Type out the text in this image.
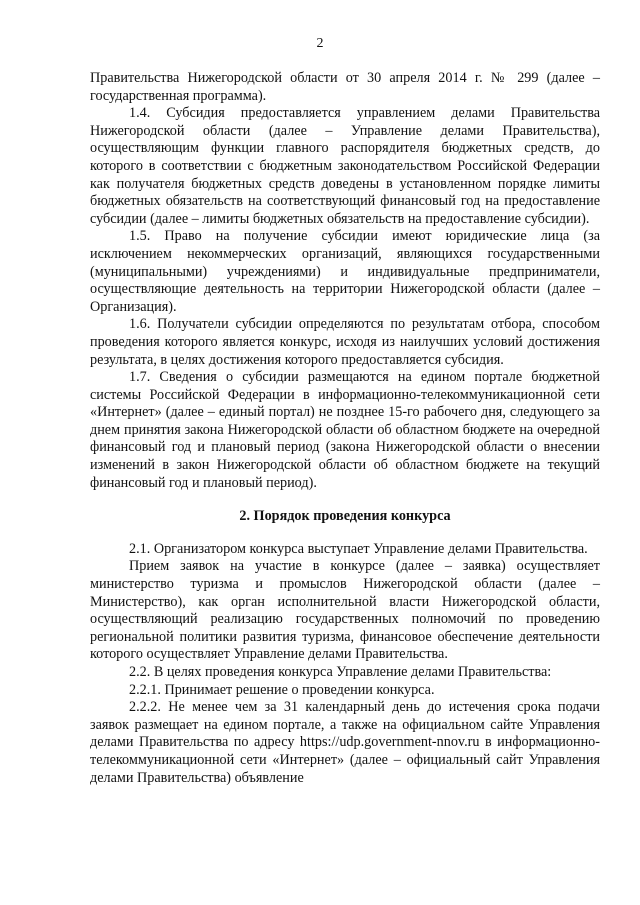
2

Правительства Нижегородской области от 30 апреля 2014 г. № 299 (далее – государственная программа).

1.4. Субсидия предоставляется управлением делами Правительства Нижегородской области (далее – Управление делами Правительства), осуществляющим функции главного распорядителя бюджетных средств, до которого в соответствии с бюджетным законодательством Российской Федерации как получателя бюджетных средств доведены в установленном порядке лимиты бюджетных обязательств на соответствующий финансовый год на предоставление субсидии (далее – лимиты бюджетных обязательств на предоставление субсидии).

1.5. Право на получение субсидии имеют юридические лица (за исключением некоммерческих организаций, являющихся государственными (муниципальными) учреждениями) и индивидуальные предприниматели, осуществляющие деятельность на территории Нижегородской области (далее – Организация).

1.6. Получатели субсидии определяются по результатам отбора, способом проведения которого является конкурс, исходя из наилучших условий достижения результата, в целях достижения которого предоставляется субсидия.

1.7. Сведения о субсидии размещаются на едином портале бюджетной системы Российской Федерации в информационно-телекоммуникационной сети «Интернет» (далее – единый портал) не позднее 15-го рабочего дня, следующего за днем принятия закона Нижегородской области об областном бюджете на очередной финансовый год и плановый период (закона Нижегородской области о внесении изменений в закон Нижегородской области об областном бюджете на текущий финансовый год и плановый период).

2. Порядок проведения конкурса

2.1. Организатором конкурса выступает Управление делами Правительства.

Прием заявок на участие в конкурсе (далее – заявка) осуществляет министерство туризма и промыслов Нижегородской области (далее – Министерство), как орган исполнительной власти Нижегородской области, осуществляющий реализацию государственных полномочий по проведению региональной политики развития туризма, финансовое обеспечение деятельности которого осуществляет Управление делами Правительства.

2.2. В целях проведения конкурса Управление делами Правительства:

2.2.1. Принимает решение о проведении конкурса.

2.2.2. Не менее чем за 31 календарный день до истечения срока подачи заявок размещает на едином портале, а также на официальном сайте Управления делами Правительства по адресу https://udp.government-nnov.ru в информационно-телекоммуникационной сети «Интернет» (далее – официальный сайт Управления делами Правительства) объявление
